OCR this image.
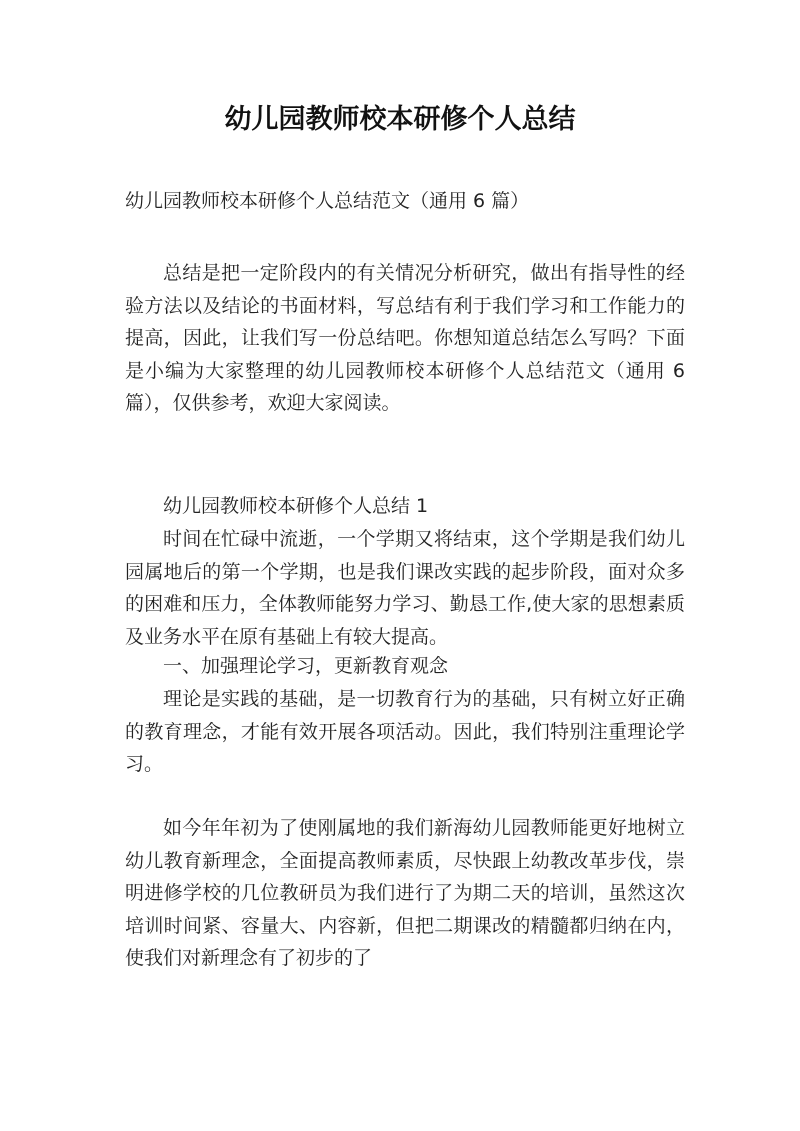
幼儿园教师校本研修个人总结
幼儿园教师校本研修个人总结范文（通用 6 篇）

总结是把一定阶段内的有关情况分析研究，做出有指导性的经验方法以及结论的书面材料，写总结有利于我们学习和工作能力的提高，因此，让我们写一份总结吧。你想知道总结怎么写吗？下面是小编为大家整理的幼儿园教师校本研修个人总结范文（通用 6 篇），仅供参考，欢迎大家阅读。

幼儿园教师校本研修个人总结 1

时间在忙碌中流逝，一个学期又将结束，这个学期是我们幼儿园属地后的第一个学期，也是我们课改实践的起步阶段，面对众多的困难和压力，全体教师能努力学习、勤恳工作,使大家的思想素质及业务水平在原有基础上有较大提高。

一、加强理论学习，更新教育观念

理论是实践的基础，是一切教育行为的基础，只有树立好正确的教育理念，才能有效开展各项活动。因此，我们特别注重理论学习。

如今年年初为了使刚属地的我们新海幼儿园教师能更好地树立幼儿教育新理念，全面提高教师素质，尽快跟上幼教改革步伐，崇明进修学校的几位教研员为我们进行了为期二天的培训，虽然这次培训时间紧、容量大、内容新，但把二期课改的精髓都归纳在内，使我们对新理念有了初步的了
